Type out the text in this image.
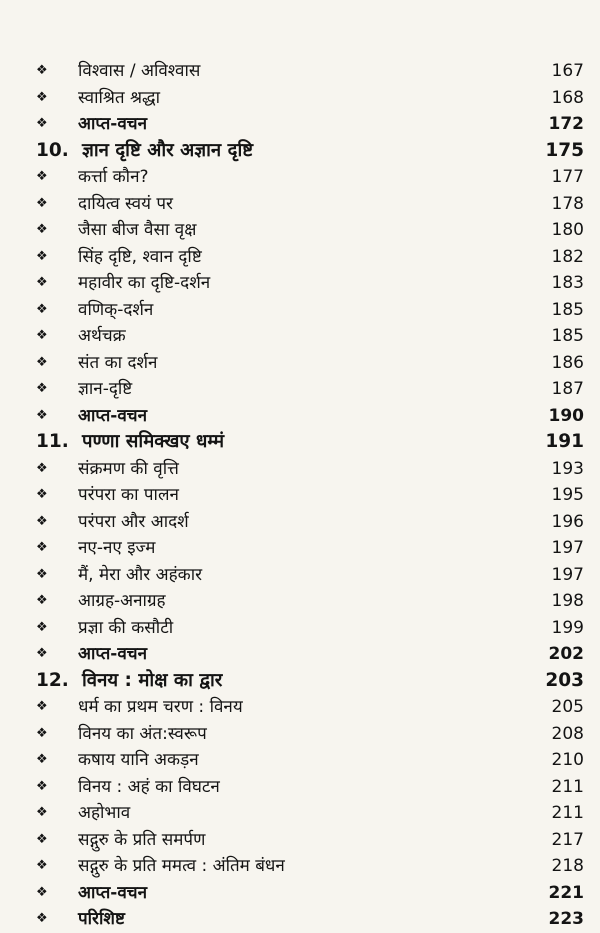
❖ विश्वास / अविश्वास	167
❖ स्वाश्रित श्रद्धा	168
❖ आप्त-वचन	172
10. ज्ञान दृष्टि और अज्ञान दृष्टि	175
❖ कर्त्ता कौन?	177
❖ दायित्व स्वयं पर	178
❖ जैसा बीज वैसा वृक्ष	180
❖ सिंह दृष्टि, श्वान दृष्टि	182
❖ महावीर का दृष्टि-दर्शन	183
❖ वणिक्-दर्शन	185
❖ अर्थचक्र	185
❖ संत का दर्शन	186
❖ ज्ञान-दृष्टि	187
❖ आप्त-वचन	190
11. पण्णा समिक्खए धम्मं	191
❖ संक्रमण की वृत्ति	193
❖ परंपरा का पालन	195
❖ परंपरा और आदर्श	196
❖ नए-नए इज्म	197
❖ मैं, मेरा और अहंकार	197
❖ आग्रह-अनाग्रह	198
❖ प्रज्ञा की कसौटी	199
❖ आप्त-वचन	202
12. विनय : मोक्ष का द्वार	203
❖ धर्म का प्रथम चरण : विनय	205
❖ विनय का अंत:स्वरूप	208
❖ कषाय यानि अकड़न	210
❖ विनय : अहं का विघटन	211
❖ अहोभाव	211
❖ सद्गुरु के प्रति समर्पण	217
❖ सद्गुरु के प्रति ममत्व : अंतिम बंधन	218
❖ आप्त-वचन	221
❖ परिशिष्ट	223
